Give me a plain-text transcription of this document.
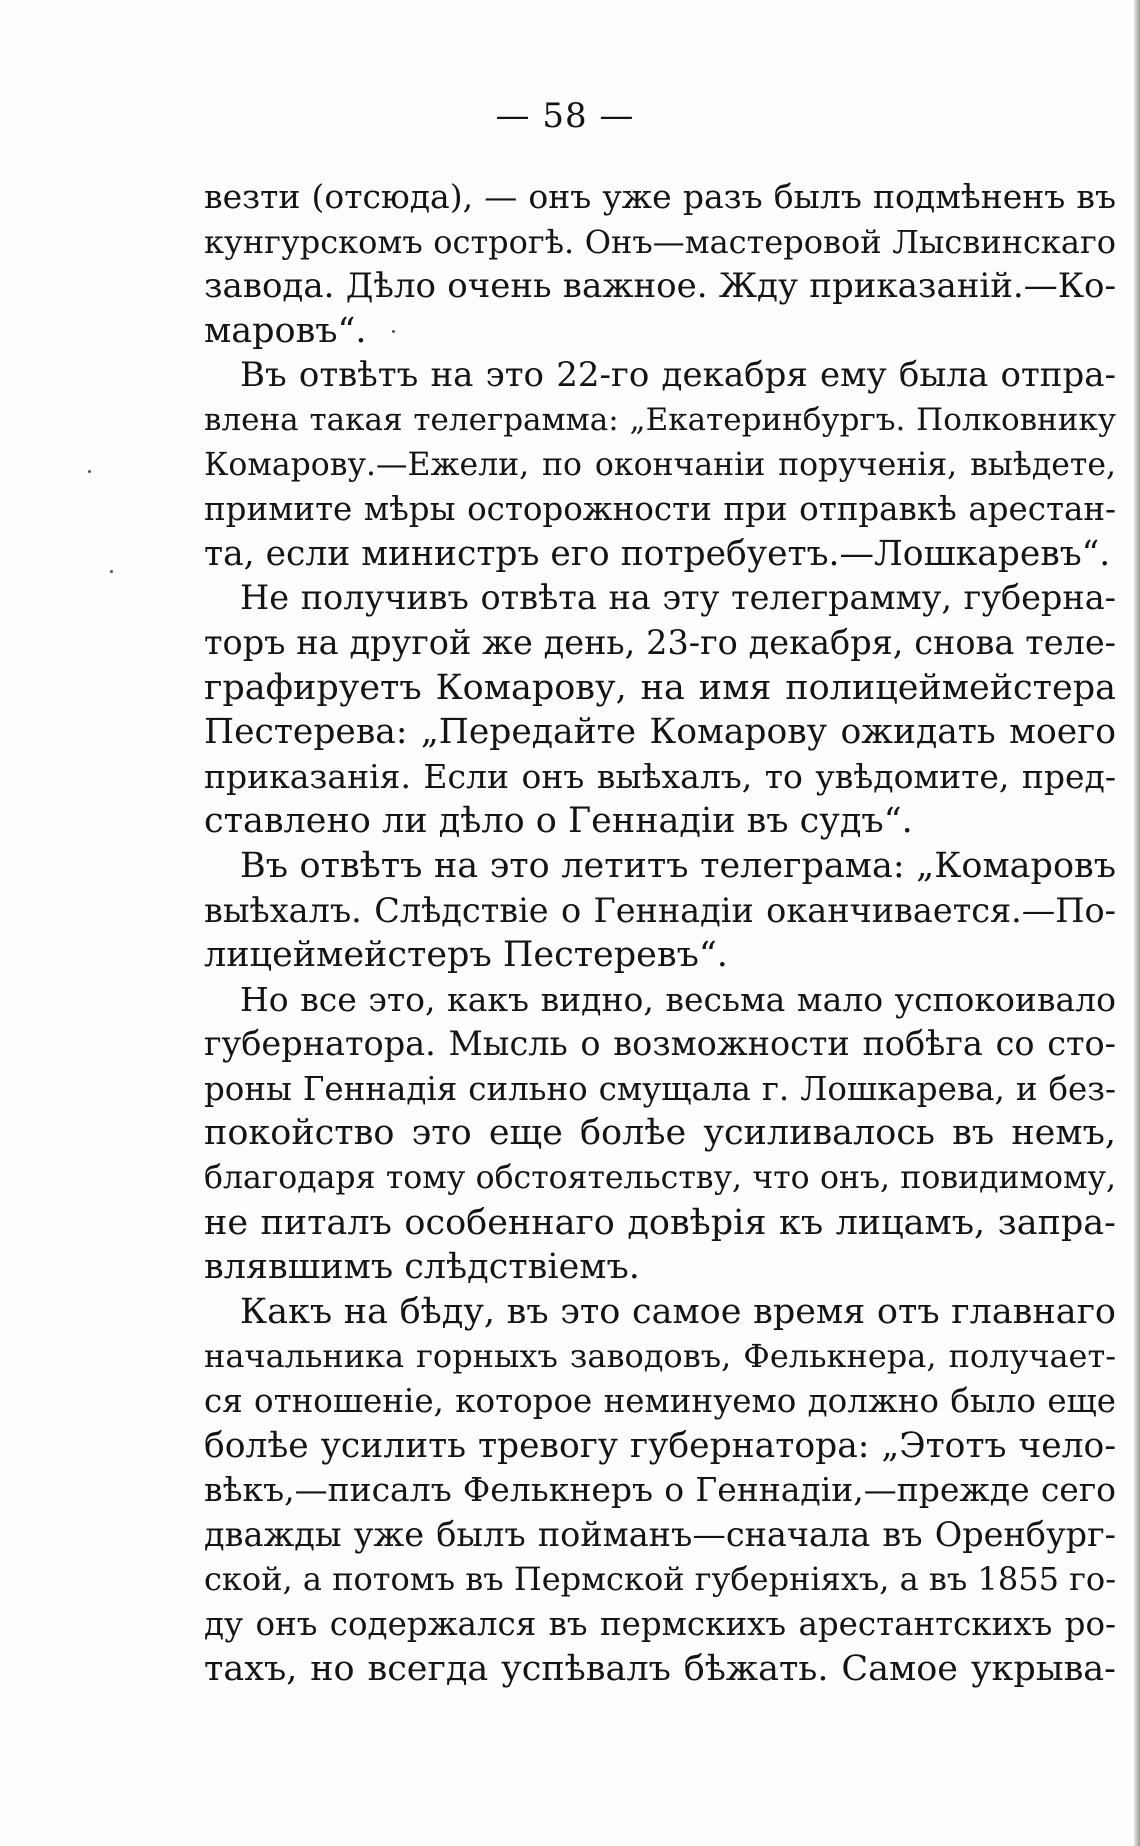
— 58 —
везти (отсюда), — онъ уже разъ былъ подмѣненъ въ
кунгурскомъ острогѣ. Онъ—мастеровой Лысвинскаго
завода. Дѣло очень важное. Жду приказаній.—Ко-
маровъ“.
Въ отвѣтъ на это 22-го декабря ему была отпра-
влена такая телеграмма: „Екатеринбургъ. Полковнику
Комарову.—Ежели, по окончаніи порученія, выѣдете,
примите мѣры осторожности при отправкѣ арестан-
та, если министръ его потребуетъ.—Лошкаревъ“.
Не получивъ отвѣта на эту телеграмму, губерна-
торъ на другой же день, 23-го декабря, снова теле-
графируетъ Комарову, на имя полицеймейстера
Пестерева: „Передайте Комарову ожидать моего
приказанія. Если онъ выѣхалъ, то увѣдомите, пред-
ставлено ли дѣло о Геннадіи въ судъ“.
Въ отвѣтъ на это летитъ телеграма: „Комаровъ
выѣхалъ. Слѣдствіе о Геннадіи оканчивается.—По-
лицеймейстеръ Пестеревъ“.
Но все это, какъ видно, весьма мало успокоивало
губернатора. Мысль о возможности побѣга со сто-
роны Геннадія сильно смущала г. Лошкарева, и без-
покойство это еще болѣе усиливалось въ немъ,
благодаря тому обстоятельству, что онъ, повидимому,
не питалъ особеннаго довѣрія къ лицамъ, запра-
влявшимъ слѣдствіемъ.
Какъ на бѣду, въ это самое время отъ главнаго
начальника горныхъ заводовъ, Фелькнера, получает-
ся отношеніе, которое неминуемо должно было еще
болѣе усилить тревогу губернатора: „Этотъ чело-
вѣкъ,—писалъ Фелькнеръ о Геннадіи,—прежде сего
дважды уже былъ пойманъ—сначала въ Оренбург-
ской, а потомъ въ Пермской губерніяхъ, а въ 1855 го-
ду онъ содержался въ пермскихъ арестантскихъ ро-
тахъ, но всегда успѣвалъ бѣжать. Самое укрыва-
